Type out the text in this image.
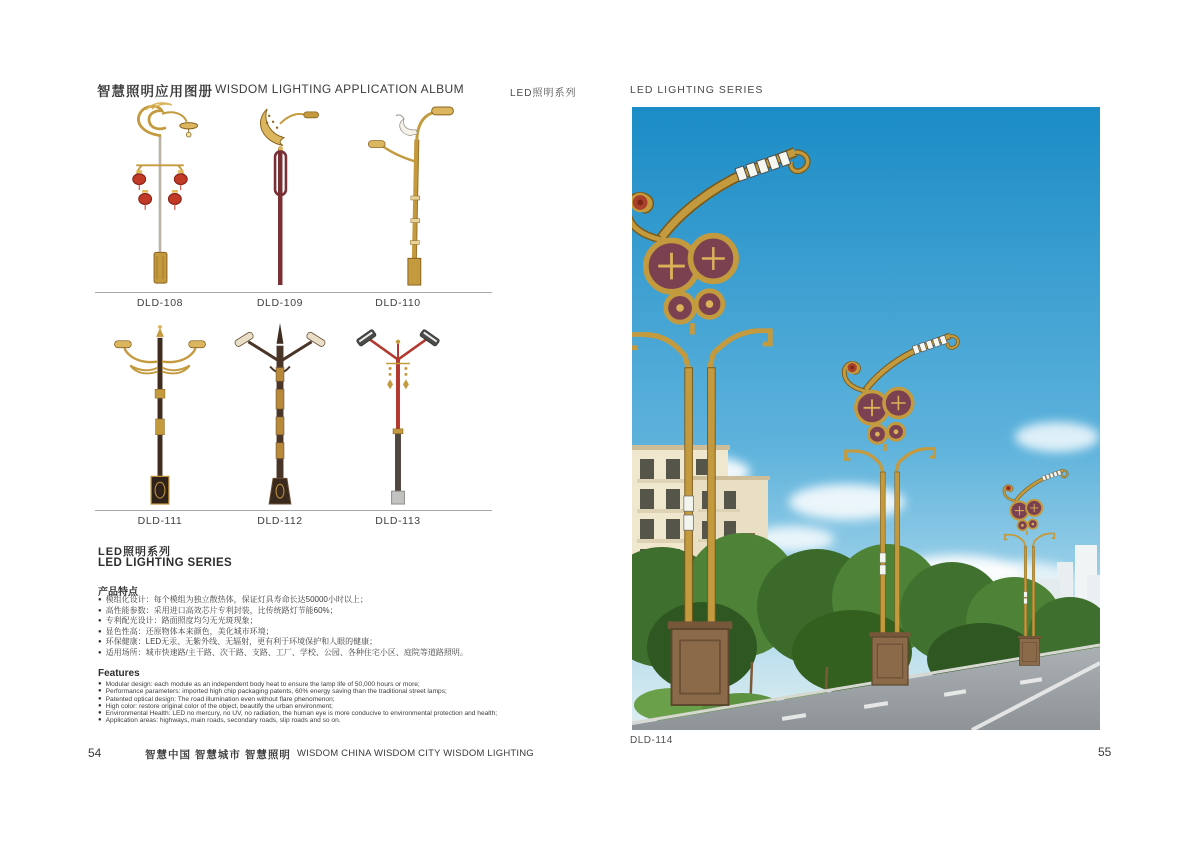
智慧照明应用图册 WISDOM LIGHTING APPLICATION ALBUM	LED照明系列
DLD-108	DLD-109	DLD-110
DLD-111	DLD-112	DLD-113
LED照明系列
LED LIGHTING SERIES
产品特点
● 模组化设计：每个模组为独立散热体，保证灯具寿命长达50000小时以上；
● 高性能参数：采用进口高效芯片专利封装，比传统路灯节能60%；
● 专利配光设计：路面照度均匀无光斑现象；
● 显色性高：还原物体本来颜色，美化城市环境；
● 环保健康：LED无汞、无紫外线、无辐射，更有利于环境保护和人眼的健康；
● 适用场所：城市快速路/主干路、次干路、支路、工厂、学校、公园、各种住宅小区、庭院等道路照明。
Features
● Modular design: each module as an independent body heat to ensure the lamp life of 50,000 hours or more;
● Performance parameters: imported high chip packaging patents, 60% energy saving than the traditional street lamps;
● Patented optical design: The road illumination even without flare phenomenon;
● High color: restore original color of the object, beautify the urban environment;
● Environmental Health: LED no mercury, no UV, no radiation, the human eye is more conducive to environmental protection and health;
● Application areas: highways, main roads, secondary roads, slip roads and so on.
54	智慧中国 智慧城市 智慧照明 WISDOM CHINA WISDOM CITY WISDOM LIGHTING
LED LIGHTING SERIES
DLD-114
55
